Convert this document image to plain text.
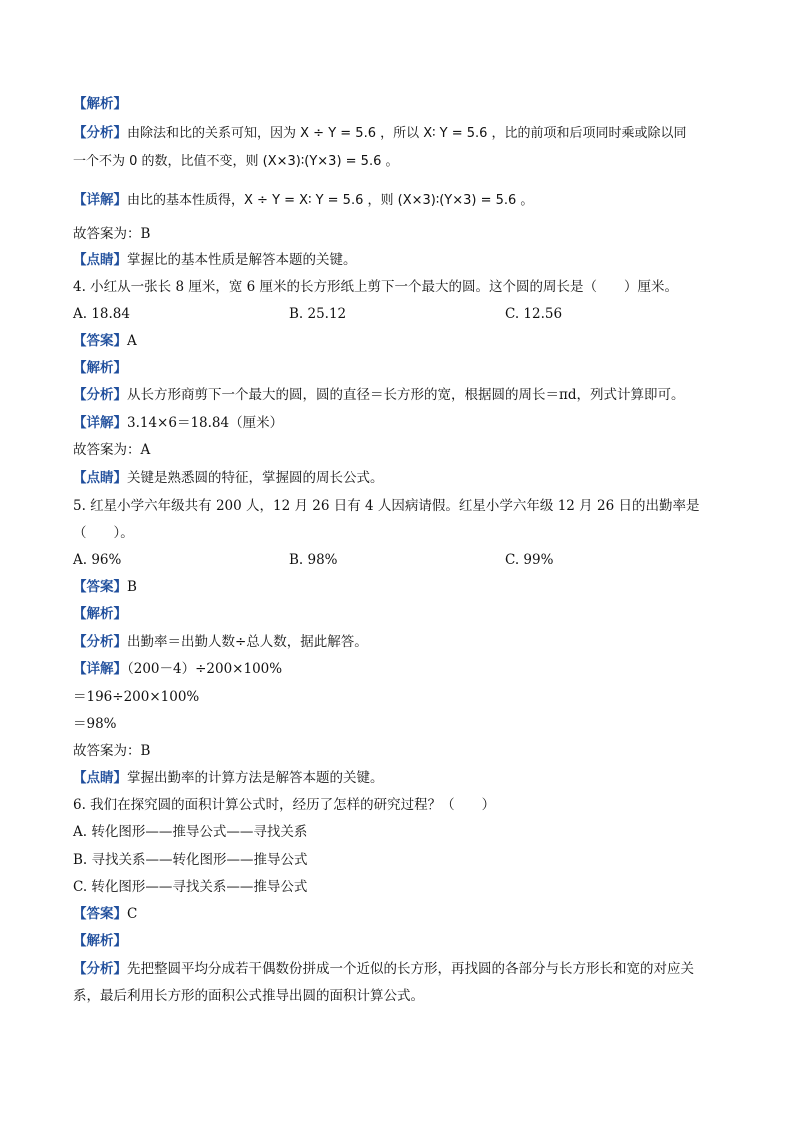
【解析】
【分析】由除法和比的关系可知，因为 X ÷ Y = 5.6 ，所以 X∶ Y = 5.6 ，比的前项和后项同时乘或除以同
一个不为 0 的数，比值不变，则 (X×3)∶(Y×3) = 5.6 。
【详解】由比的基本性质得，X ÷ Y = X∶ Y = 5.6 ，则 (X×3)∶(Y×3) = 5.6 。
故答案为：B
【点睛】掌握比的基本性质是解答本题的关键。
4. 小红从一张长 8 厘米，宽 6 厘米的长方形纸上剪下一个最大的圆。这个圆的周长是（　　）厘米。
A. 18.84	B. 25.12	C. 12.56
【答案】A
【解析】
【分析】从长方形商剪下一个最大的圆，圆的直径＝长方形的宽，根据圆的周长＝πd，列式计算即可。
【详解】3.14×6＝18.84（厘米）
故答案为：A
【点睛】关键是熟悉圆的特征，掌握圆的周长公式。
5. 红星小学六年级共有 200 人，12 月 26 日有 4 人因病请假。红星小学六年级 12 月 26 日的出勤率是
（　　）。
A. 96%	B. 98%	C. 99%
【答案】B
【解析】
【分析】出勤率＝出勤人数÷总人数，据此解答。
【详解】（200－4）÷200×100%
＝196÷200×100%
＝98%
故答案为：B
【点睛】掌握出勤率的计算方法是解答本题的关键。
6. 我们在探究圆的面积计算公式时，经历了怎样的研究过程？（　　）
A. 转化图形——推导公式——寻找关系
B. 寻找关系——转化图形——推导公式
C. 转化图形——寻找关系——推导公式
【答案】C
【解析】
【分析】先把整圆平均分成若干偶数份拼成一个近似的长方形，再找圆的各部分与长方形长和宽的对应关
系，最后利用长方形的面积公式推导出圆的面积计算公式。
